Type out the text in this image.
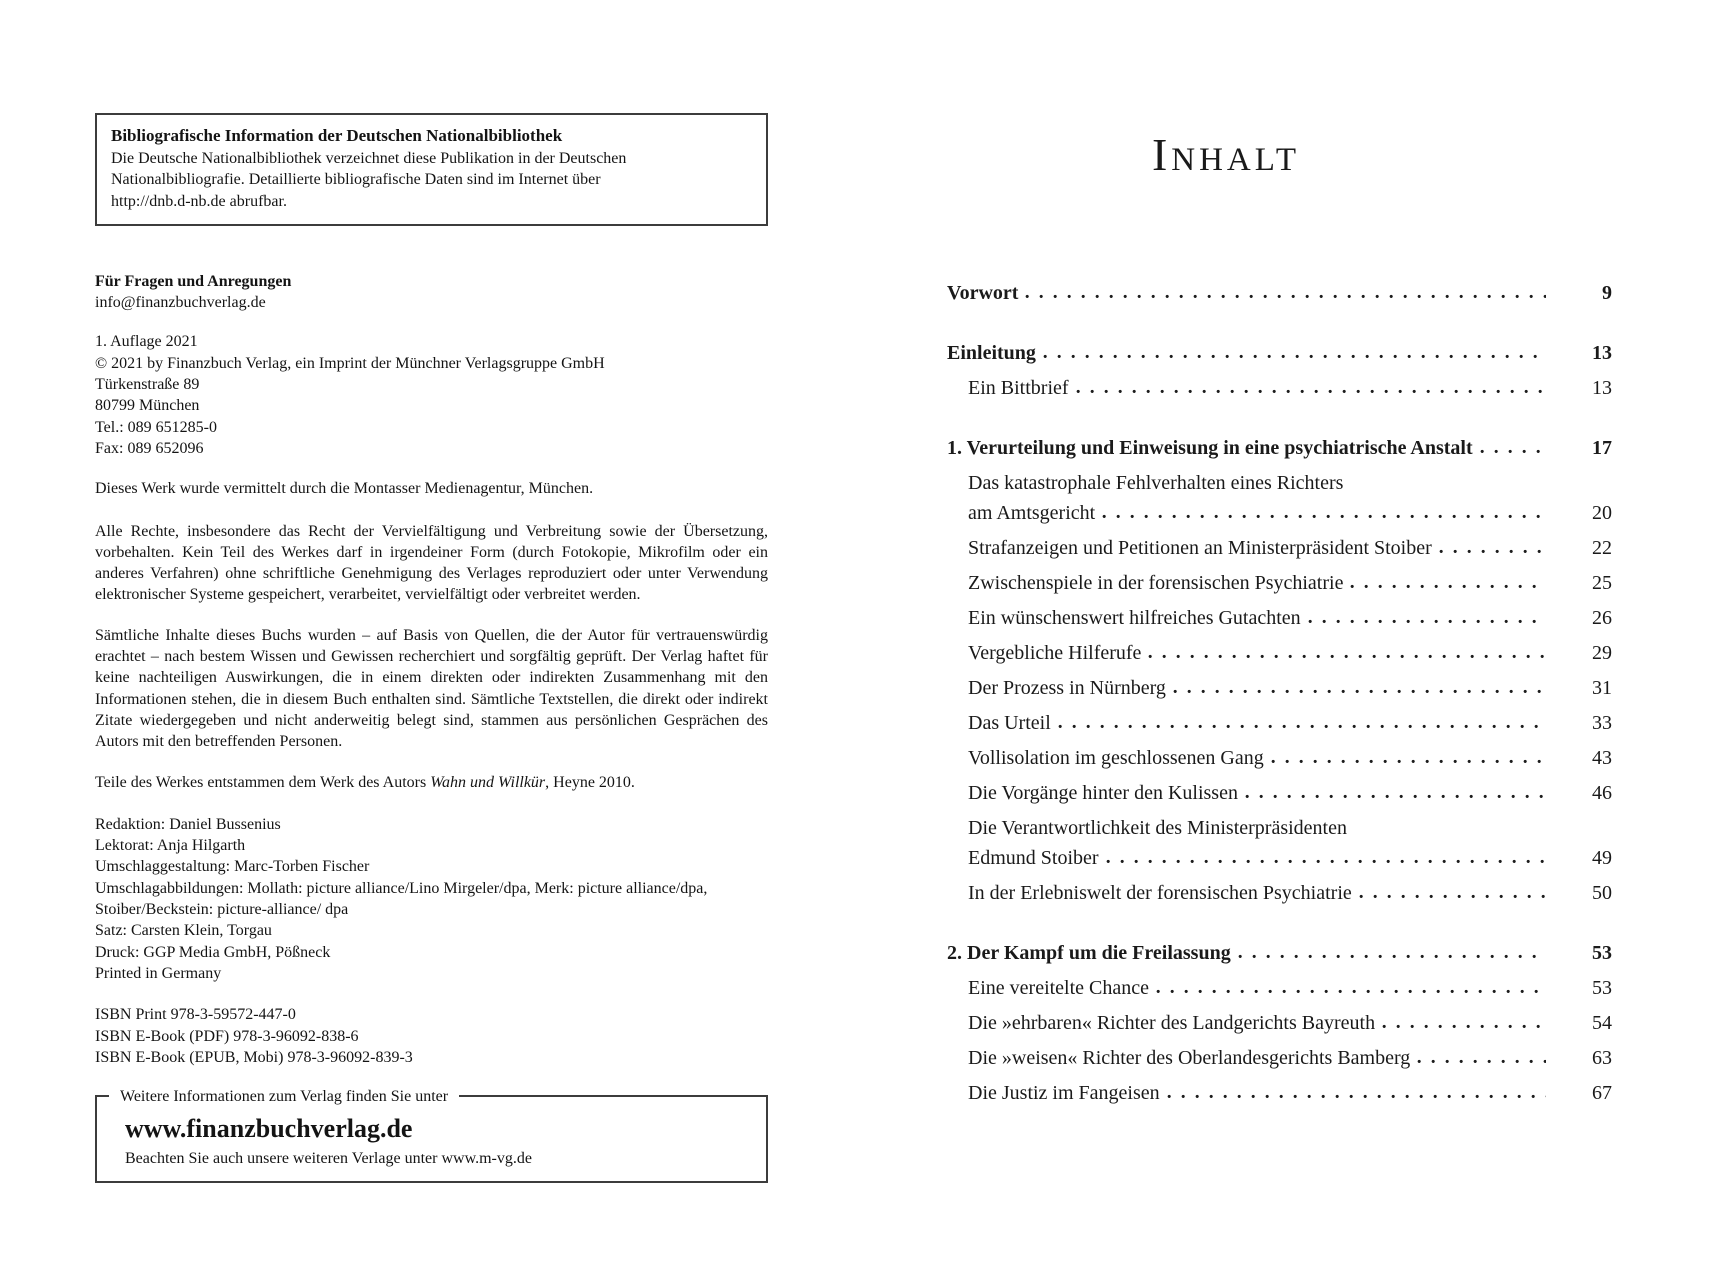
Bibliografische Information der Deutschen Nationalbibliothek
Die Deutsche Nationalbibliothek verzeichnet diese Publikation in der Deutschen
Nationalbibliografie. Detaillierte bibliografische Daten sind im Internet über
http://dnb.d-nb.de abrufbar.
Für Fragen und Anregungen
info@finanzbuchverlag.de
1. Auflage 2021
© 2021 by Finanzbuch Verlag, ein Imprint der Münchner Verlagsgruppe GmbH
Türkenstraße 89
80799 München
Tel.: 089 651285-0
Fax: 089 652096
Dieses Werk wurde vermittelt durch die Montasser Medienagentur, München.
Alle Rechte, insbesondere das Recht der Vervielfältigung und Verbreitung sowie der Übersetzung, vorbehalten. Kein Teil des Werkes darf in irgendeiner Form (durch Fotokopie, Mikrofilm oder ein anderes Verfahren) ohne schriftliche Genehmigung des Verlages reproduziert oder unter Verwendung elektronischer Systeme gespeichert, verarbeitet, vervielfältigt oder verbreitet werden.
Sämtliche Inhalte dieses Buchs wurden – auf Basis von Quellen, die der Autor für vertrauenswürdig erachtet – nach bestem Wissen und Gewissen recherchiert und sorgfältig geprüft. Der Verlag haftet für keine nachteiligen Auswirkungen, die in einem direkten oder indirekten Zusammenhang mit den Informationen stehen, die in diesem Buch enthalten sind. Sämtliche Textstellen, die direkt oder indirekt Zitate wiedergegeben und nicht anderweitig belegt sind, stammen aus persönlichen Gesprächen des Autors mit den betreffenden Personen.
Teile des Werkes entstammen dem Werk des Autors Wahn und Willkür, Heyne 2010.
Redaktion: Daniel Bussenius
Lektorat: Anja Hilgarth
Umschlaggestaltung: Marc-Torben Fischer
Umschlagabbildungen: Mollath: picture alliance/Lino Mirgeler/dpa, Merk: picture alliance/dpa, Stoiber/Beckstein: picture-alliance/ dpa
Satz: Carsten Klein, Torgau
Druck: GGP Media GmbH, Pößneck
Printed in Germany
ISBN Print 978-3-59572-447-0
ISBN E-Book (PDF) 978-3-96092-838-6
ISBN E-Book (EPUB, Mobi) 978-3-96092-839-3
Weitere Informationen zum Verlag finden Sie unter
www.finanzbuchverlag.de
Beachten Sie auch unsere weiteren Verlage unter www.m-vg.de
INHALT
Vorwort	9
Einleitung	13
Ein Bittbrief	13
1. Verurteilung und Einweisung in eine psychiatrische Anstalt	17
Das katastrophale Fehlverhalten eines Richters
am Amtsgericht	20
Strafanzeigen und Petitionen an Ministerpräsident Stoiber	22
Zwischenspiele in der forensischen Psychiatrie	25
Ein wünschenswert hilfreiches Gutachten	26
Vergebliche Hilferufe	29
Der Prozess in Nürnberg	31
Das Urteil	33
Vollisolation im geschlossenen Gang	43
Die Vorgänge hinter den Kulissen	46
Die Verantwortlichkeit des Ministerpräsidenten
Edmund Stoiber	49
In der Erlebniswelt der forensischen Psychiatrie	50
2. Der Kampf um die Freilassung	53
Eine vereitelte Chance	53
Die »ehrbaren« Richter des Landgerichts Bayreuth	54
Die »weisen« Richter des Oberlandesgerichts Bamberg	63
Die Justiz im Fangeisen	67
